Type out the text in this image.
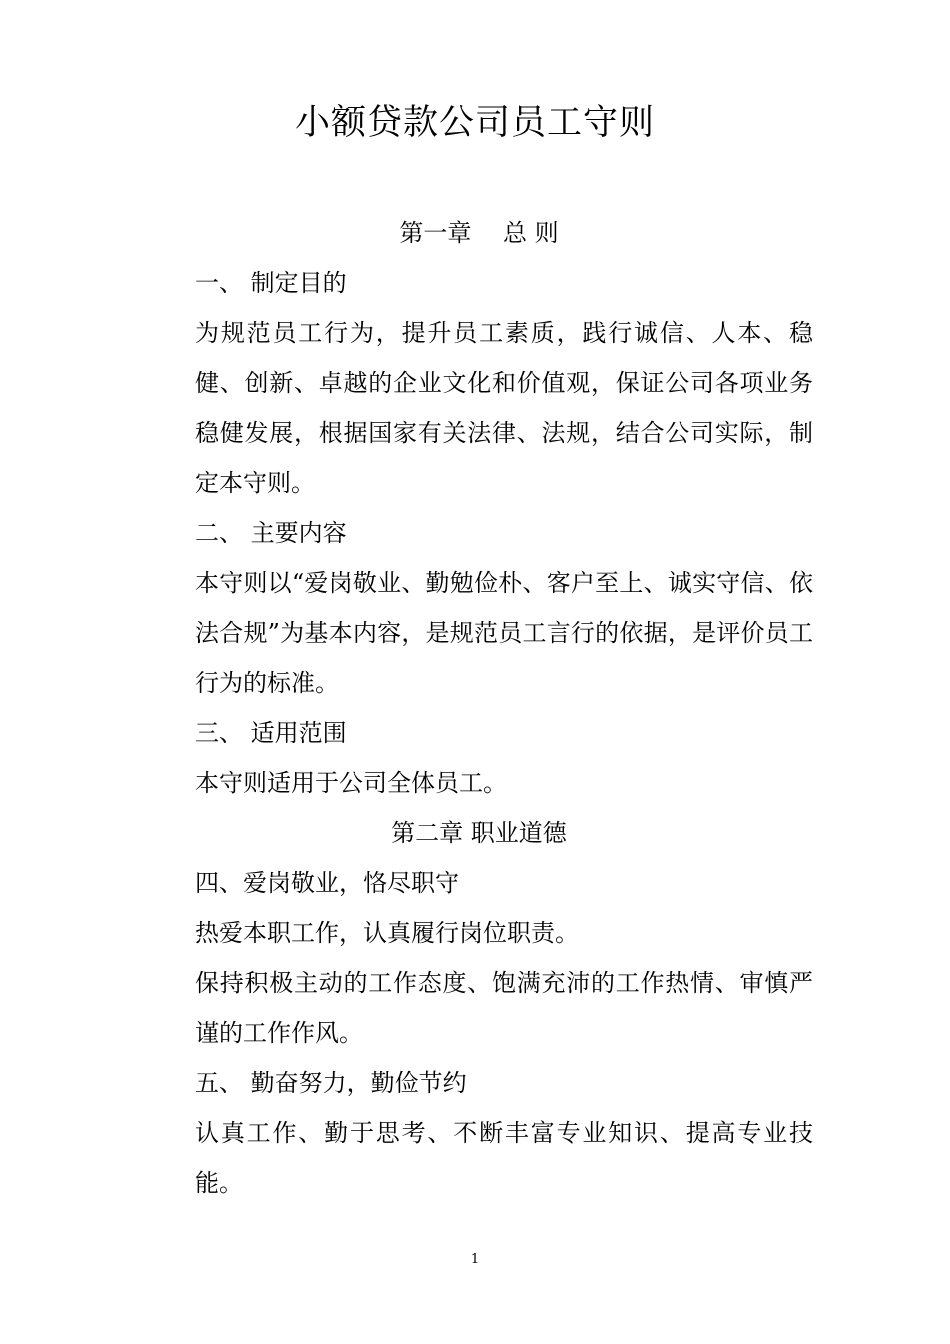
小额贷款公司员工守则

第一章　 总 则

一、 制定目的

为规范员工行为，提升员工素质，践行诚信、人本、稳健、创新、卓越的企业文化和价值观，保证公司各项业务稳健发展，根据国家有关法律、法规，结合公司实际，制定本守则。

二、 主要内容

本守则以“爱岗敬业、勤勉俭朴、客户至上、诚实守信、依法合规”为基本内容，是规范员工言行的依据，是评价员工行为的标准。

三、 适用范围

本守则适用于公司全体员工。

第二章 职业道德

四、爱岗敬业，恪尽职守

热爱本职工作，认真履行岗位职责。

保持积极主动的工作态度、饱满充沛的工作热情、审慎严谨的工作作风。

五、 勤奋努力，勤俭节约

认真工作、勤于思考、不断丰富专业知识、提高专业技能。

1
